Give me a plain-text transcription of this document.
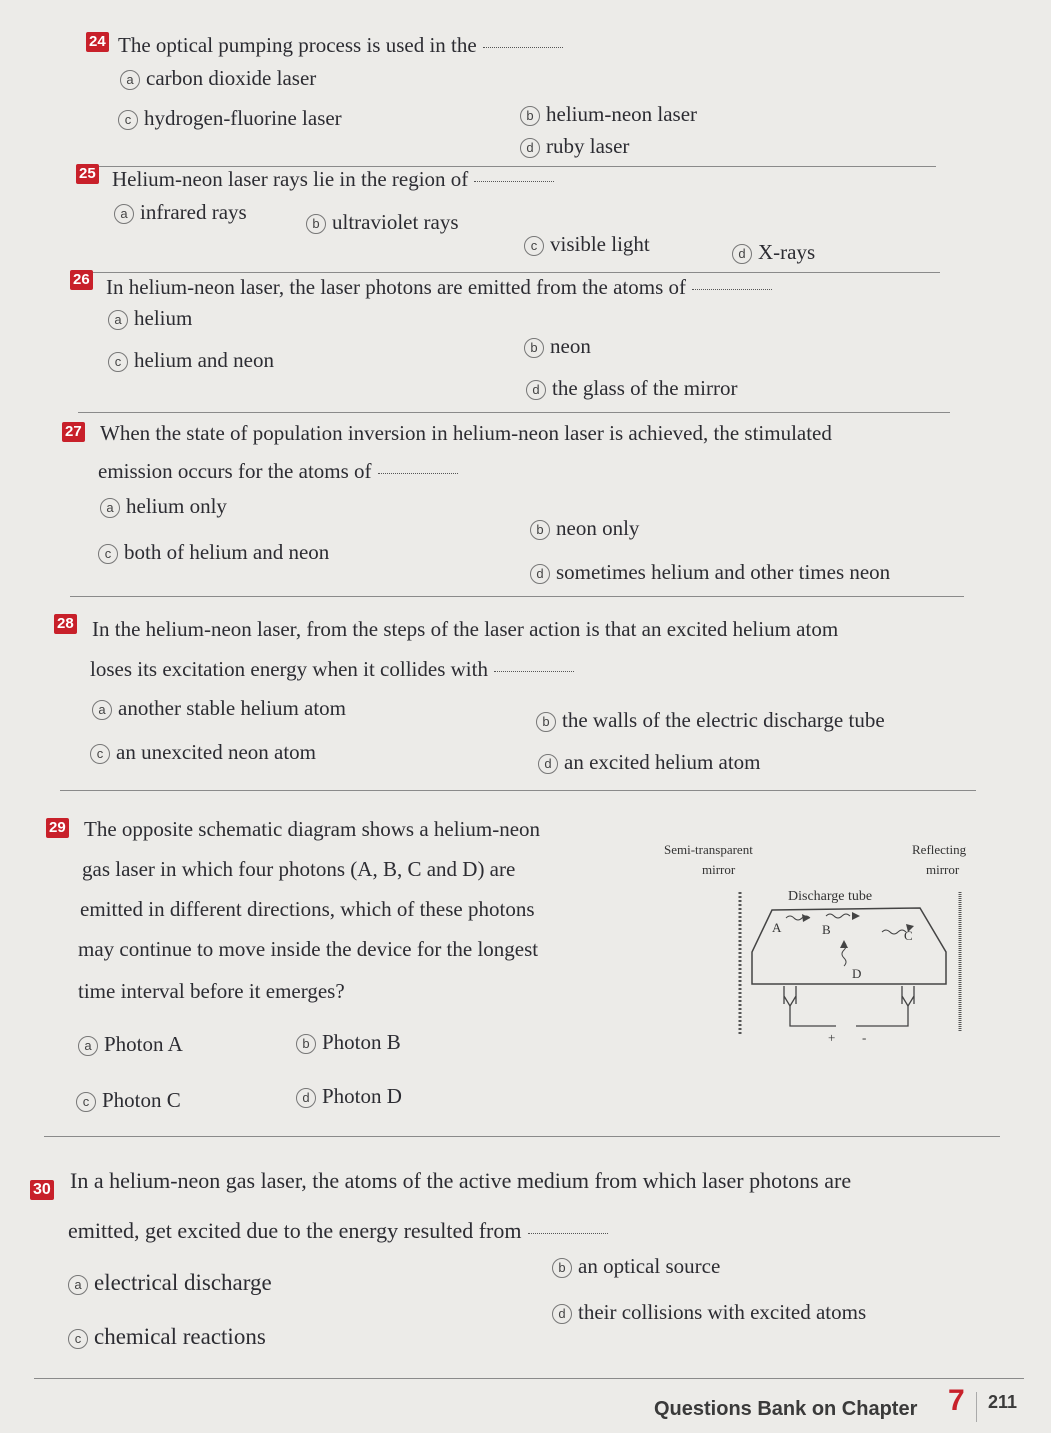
24 The optical pumping process is used in the
a carbon dioxide laser
b helium-neon laser
c hydrogen-fluorine laser
d ruby laser
25 Helium-neon laser rays lie in the region of
a infrared rays	b ultraviolet rays
c visible light	d X-rays
26 In helium-neon laser, the laser photons are emitted from the atoms of
a helium
b neon
c helium and neon
d the glass of the mirror
27 When the state of population inversion in helium-neon laser is achieved, the stimulated
emission occurs for the atoms of
a helium only
b neon only
c both of helium and neon
d sometimes helium and other times neon
28 In the helium-neon laser, from the steps of the laser action is that an excited helium atom
loses its excitation energy when it collides with
a another stable helium atom
b the walls of the electric discharge tube
c an unexcited neon atom	d an excited helium atom
29 The opposite schematic diagram shows a helium-neon
gas laser in which four photons (A, B, C and D) are
emitted in different directions, which of these photons
may continue to move inside the device for the longest
time interval before it emerges?
a Photon A	b Photon B
c Photon C	d Photon D
Semi-transparent
mirror
Reflecting
mirror
Discharge tube
+ -
A	B	C
D
30 In a helium-neon gas laser, the atoms of the active medium from which laser photons are
emitted, get excited due to the energy resulted from
a electrical discharge
b an optical source
c chemical reactions
d their collisions with excited atoms
Questions Bank on Chapter 7 211
